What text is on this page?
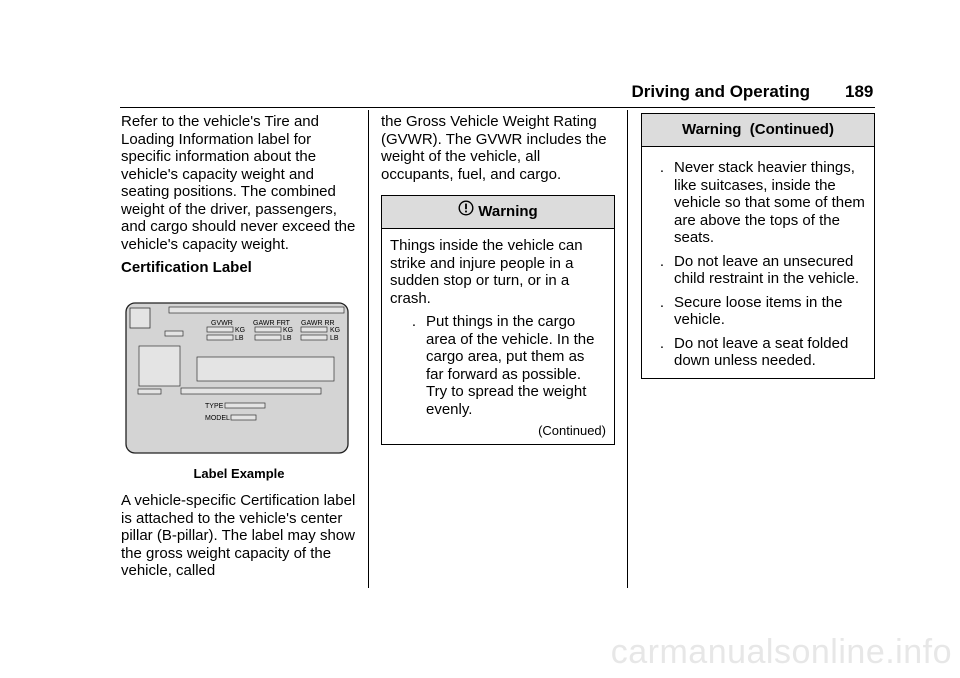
Driving and Operating 189

Refer to the vehicle's Tire and Loading Information label for specific information about the vehicle's capacity weight and seating positions. The combined weight of the driver, passengers, and cargo should never exceed the vehicle's capacity weight.

Certification Label

GVWR
KG
LB
GAWR FRT
KG
LB
GAWR RR
KG
LB
TYPE
MODEL
Label Example

A vehicle-specific Certification label is attached to the vehicle's center pillar (B-pillar). The label may show the gross weight capacity of the vehicle, called

the Gross Vehicle Weight Rating (GVWR). The GVWR includes the weight of the vehicle, all occupants, fuel, and cargo.

Warning

Things inside the vehicle can strike and injure people in a sudden stop or turn, or in a crash.

. Put things in the cargo area of the vehicle. In the cargo area, put them as far forward as possible. Try to spread the weight evenly.
(Continued)
Warning  (Continued)
. Never stack heavier things, like suitcases, inside the vehicle so that some of them are above the tops of the seats.
. Do not leave an unsecured child restraint in the vehicle.
. Secure loose items in the vehicle.
. Do not leave a seat folded down unless needed.
carmanualsonline.info
